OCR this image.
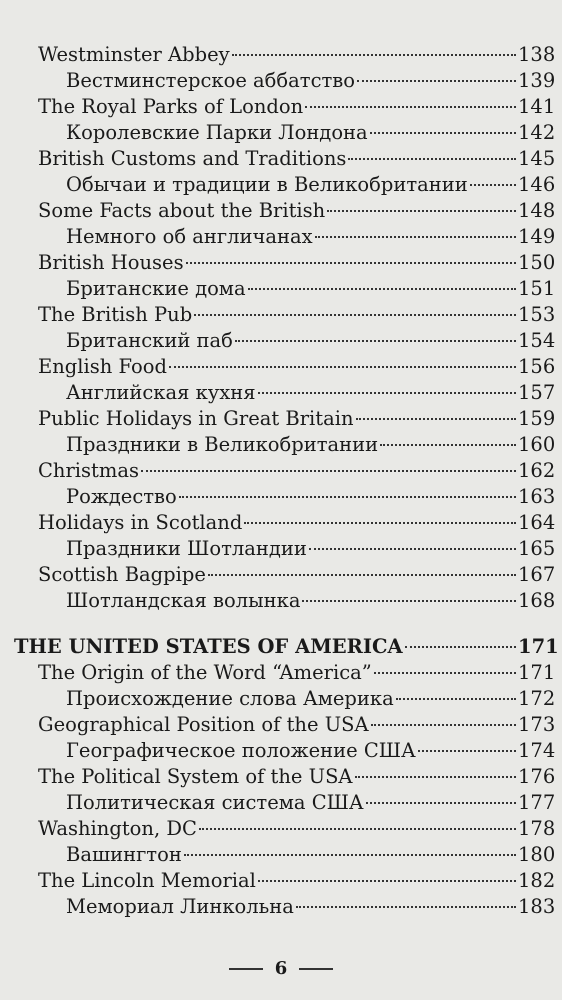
Westminster Abbey	138
Вестминстерское аббатство	139
The Royal Parks of London	141
Королевские Парки Лондона	142
British Customs and Traditions	145
Обычаи и традиции в Великобритании	146
Some Facts about the British	148
Немного об англичанах	149
British Houses	150
Британские дома	151
The British Pub	153
Британский паб	154
English Food	156
Английская кухня	157
Public Holidays in Great Britain	159
Праздники в Великобритании	160
Christmas	162
Рождество	163
Holidays in Scotland	164
Праздники Шотландии	165
Scottish Bagpipe	167
Шотландская волынка	168
THE UNITED STATES OF AMERICA	171
The Origin of the Word “America”	171
Происхождение слова Америка	172
Geographical Position of the USA	173
Географическое положение США	174
The Political System of the USA	176
Политическая система США	177
Washington, DC	178
Вашингтон	180
The Lincoln Memorial	182
Мемориал Линкольна	183
6
